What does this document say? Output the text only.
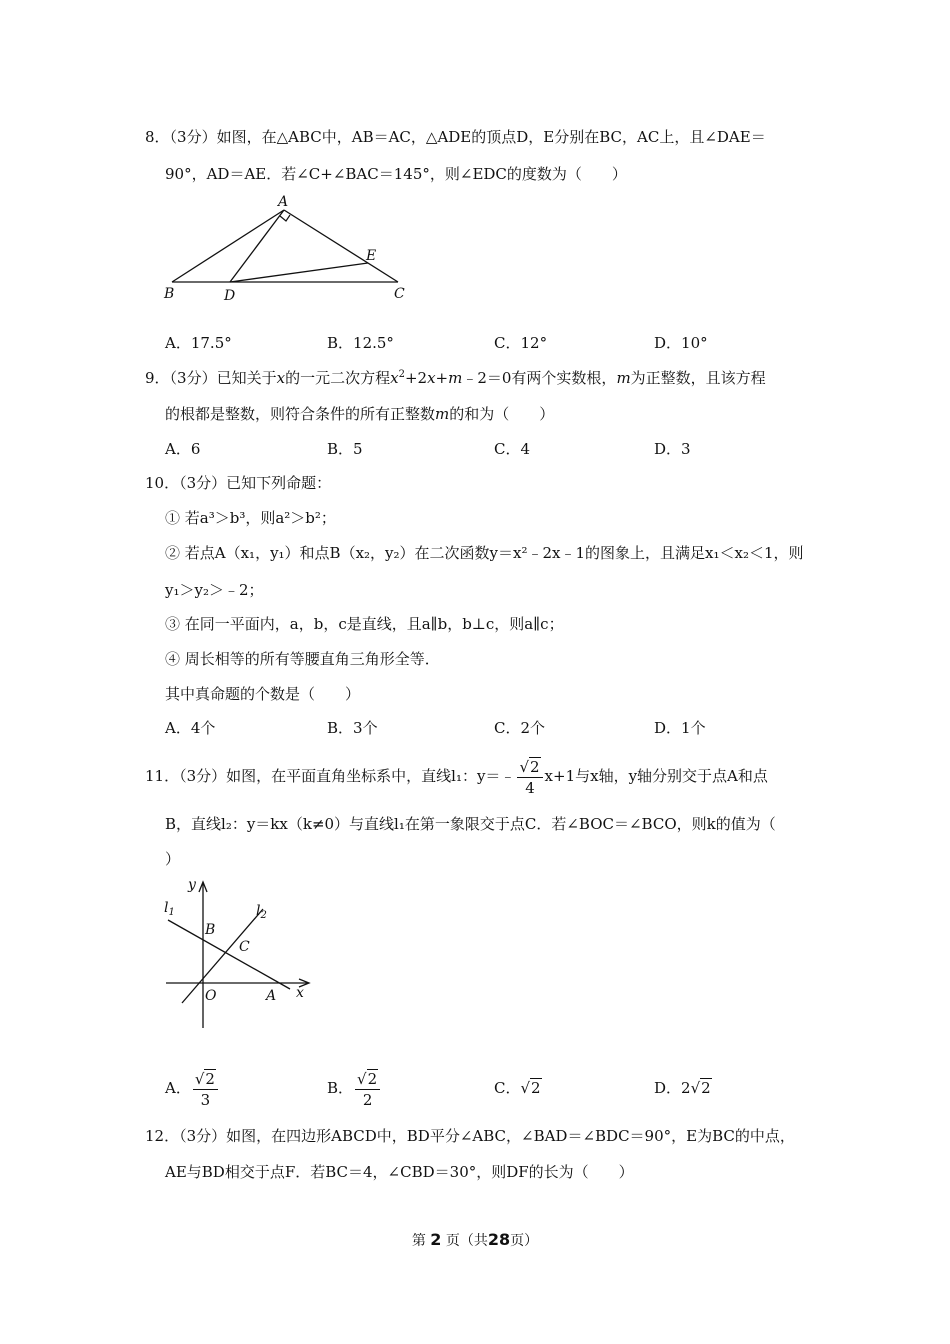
8．（3分）如图，在△ABC中，AB＝AC，△ADE的顶点D，E分别在BC，AC上，且∠DAE＝
90°，AD＝AE．若∠C+∠BAC＝145°，则∠EDC的度数为（　　）
A
B	D	C
E
A．17.5°	B．12.5°	C．12°	D．10°
9．（3分）已知关于x的一元二次方程$x^2+2x+m﹣2=0$有两个实数根，m为正整数，且该方程
的根都是整数，则符合条件的所有正整数m的和为（　　）
A．6	B．5	C．4	D．3
10．（3分）已知下列命题：
① 若a³＞b³，则a²＞b²；
② 若点A（x₁，y₁）和点B（x₂，y₂）在二次函数y＝x²﹣2x﹣1的图象上，且满足x₁＜x₂＜1，则
y₁＞y₂＞﹣2；
③ 在同一平面内，a，b，c是直线，且a∥b，b⊥c，则a∥c；
④ 周长相等的所有等腰直角三角形全等．
其中真命题的个数是（　　）
A．4个	B．3个	C．2个	D．1个
11．（3分）如图，在平面直角坐标系中，直线l₁：y＝﹣ $\frac{√2}{4} x+1$与x轴，y轴分别交于点A和点
B，直线l₂：y＝kx（k≠0）与直线l₁在第一象限交于点C．若∠BOC＝∠BCO，则k的值为（
）
y
x
O	A
B
C
$l_1$	$l_2$
A． $\frac{√2}{3}$	B． $\frac{√2}{2}$	C．√2	D．2√2
12．（3分）如图，在四边形ABCD中，BD平分∠ABC，∠BAD＝∠BDC＝90°，E为BC的中点，
AE与BD相交于点F．若BC＝4，∠CBD＝30°，则DF的长为（　　）
第 2 页（共28页）
